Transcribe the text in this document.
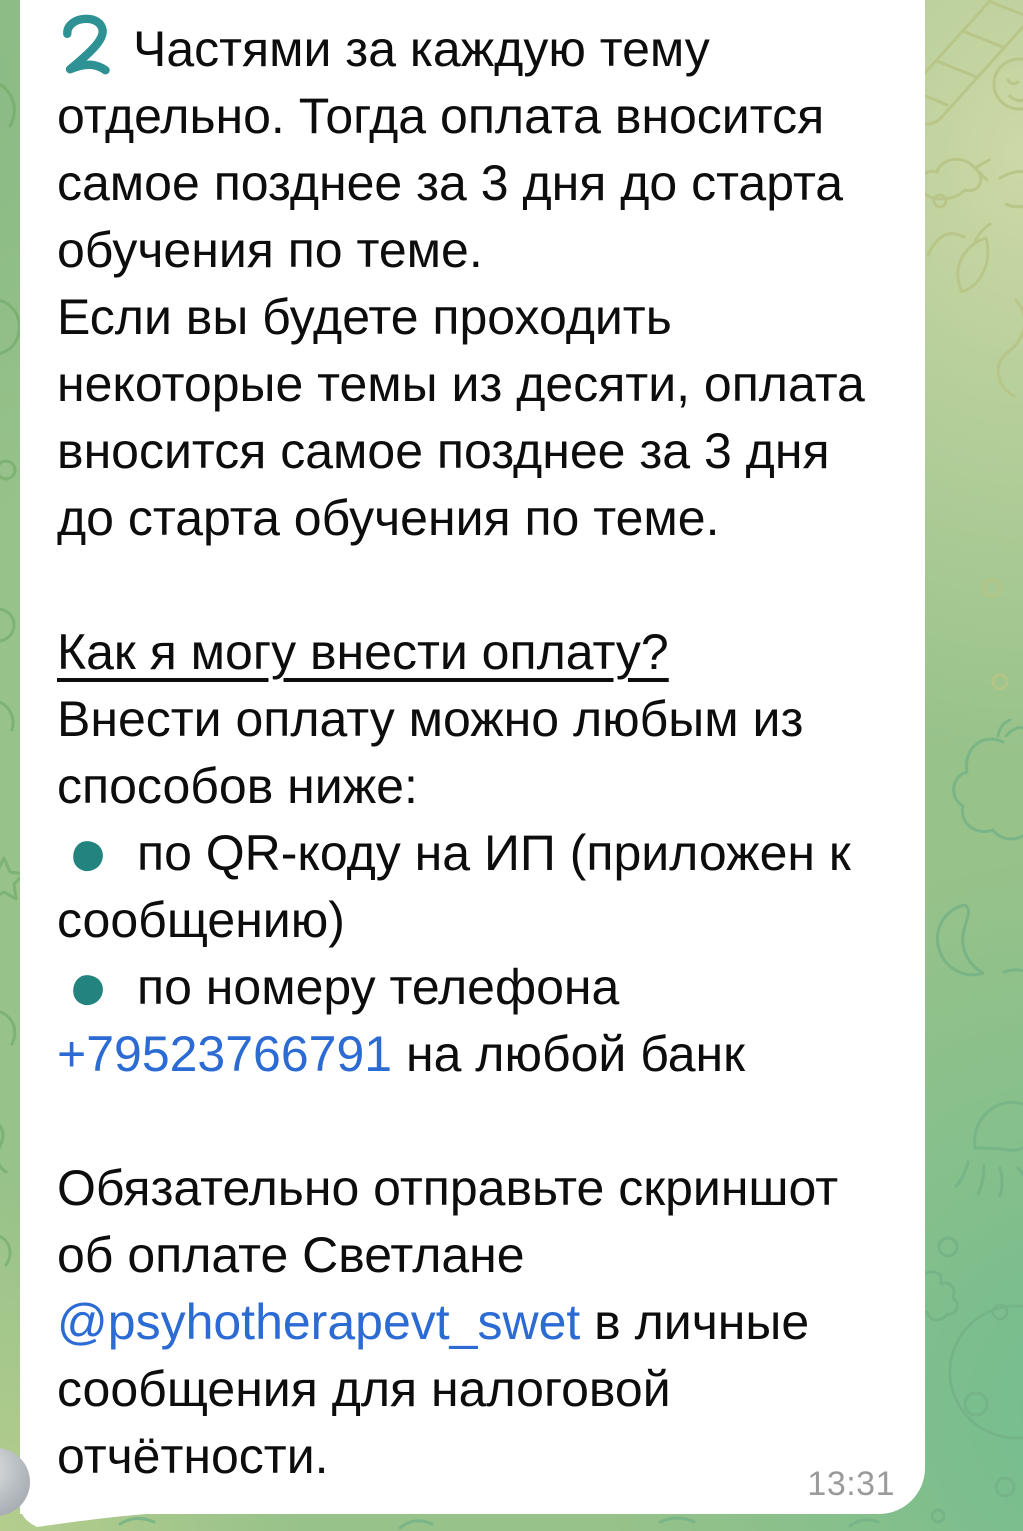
Частями за каждую тему отдельно. Тогда оплата вносится самое позднее за 3 дня до старта обучения по теме.

Если вы будете проходить некоторые темы из десяти, оплата вносится самое позднее за 3 дня до старта обучения по теме.

Как я могу внести оплату?

Внести оплату можно любым из способов ниже:

по QR-коду на ИП (приложен к сообщению)

по номеру телефона +79523766791 на любой банк

Обязательно отправьте скриншот об оплате Светлане @psyhotherapevt_swet в личные сообщения для налоговой отчётности.	13:31
